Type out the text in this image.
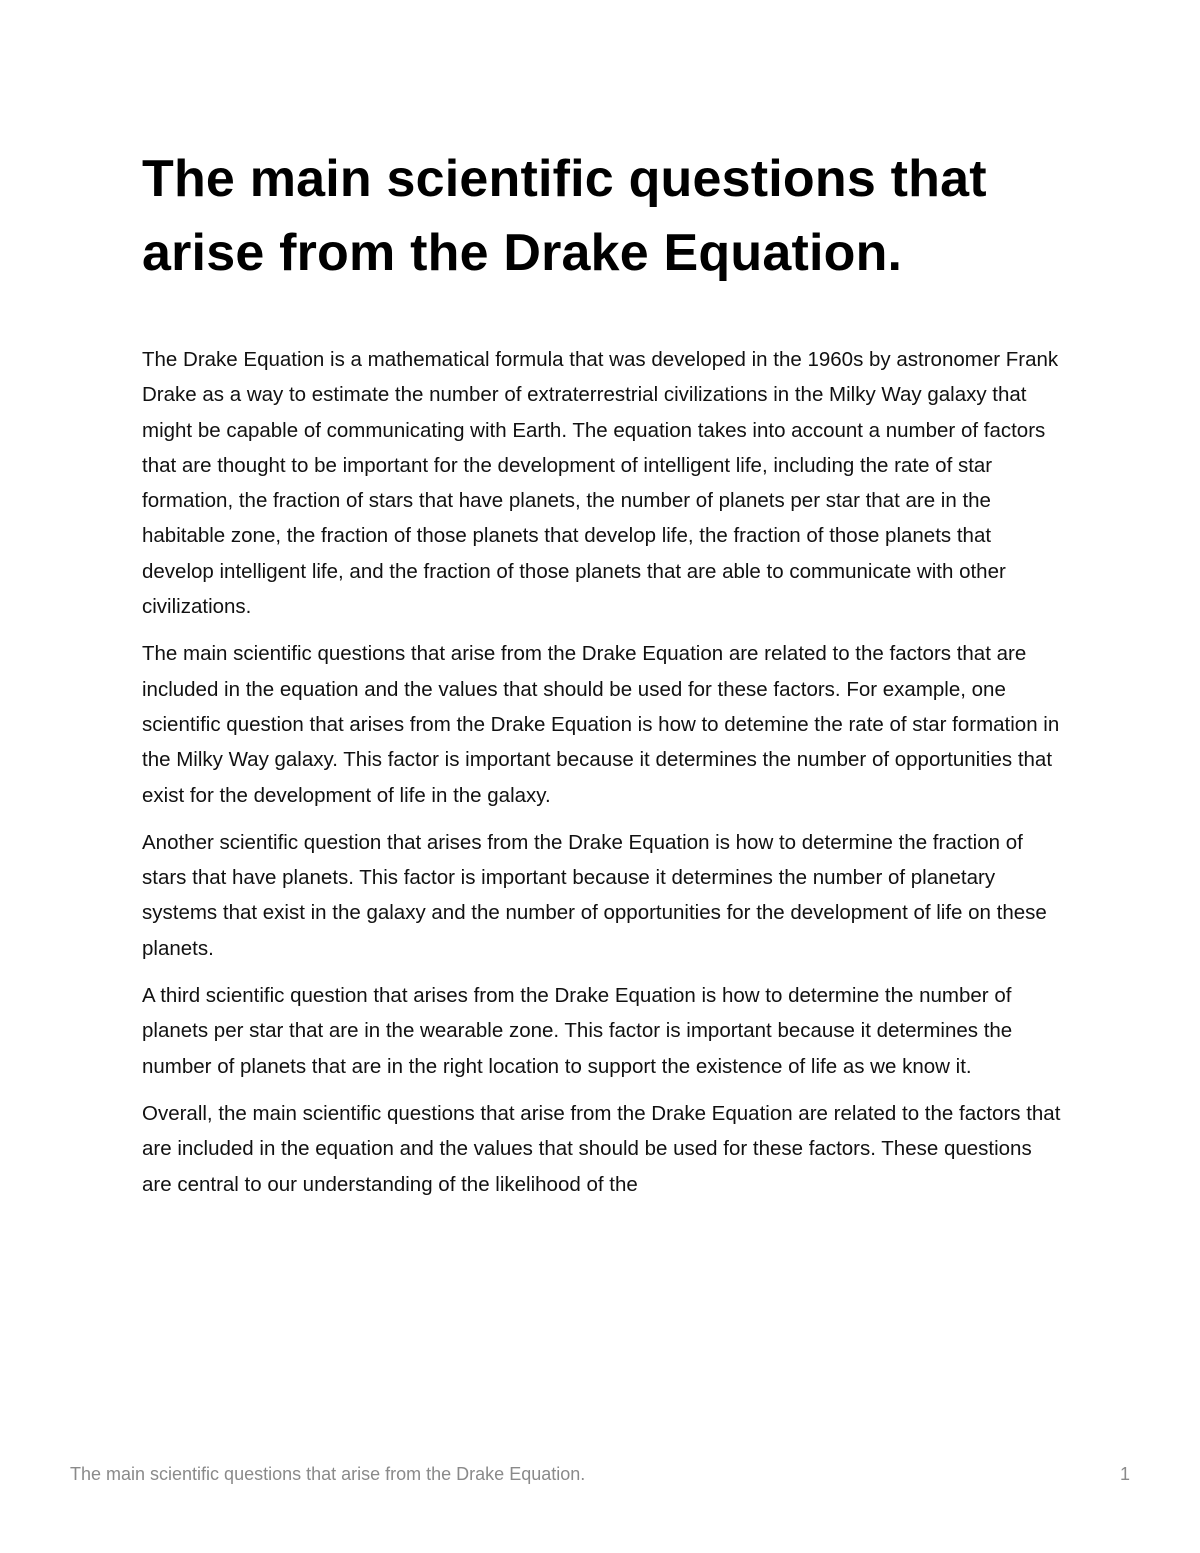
The main scientific questions that arise from the Drake Equation.

The Drake Equation is a mathematical formula that was developed in the 1960s by astronomer Frank Drake as a way to estimate the number of extraterrestrial civilizations in the Milky Way galaxy that might be capable of communicating with Earth. The equation takes into account a number of factors that are thought to be important for the development of intelligent life, including the rate of star formation, the fraction of stars that have planets, the number of planets per star that are in the habitable zone, the fraction of those planets that develop life, the fraction of those planets that develop intelligent life, and the fraction of those planets that are able to communicate with other civilizations.

The main scientific questions that arise from the Drake Equation are related to the factors that are included in the equation and the values that should be used for these factors. For example, one scientific question that arises from the Drake Equation is how to detemine the rate of star formation in the Milky Way galaxy. This factor is important because it determines the number of opportunities that exist for the development of life in the galaxy.

Another scientific question that arises from the Drake Equation is how to determine the fraction of stars that have planets. This factor is important because it determines the number of planetary systems that exist in the galaxy and the number of opportunities for the development of life on these planets.

A third scientific question that arises from the Drake Equation is how to determine the number of planets per star that are in the wearable zone. This factor is important because it determines the number of planets that are in the right location to support the existence of life as we know it.

Overall, the main scientific questions that arise from the Drake Equation are related to the factors that are included in the equation and the values that should be used for these factors. These questions are central to our understanding of the likelihood of the

The main scientific questions that arise from the Drake Equation.	1
